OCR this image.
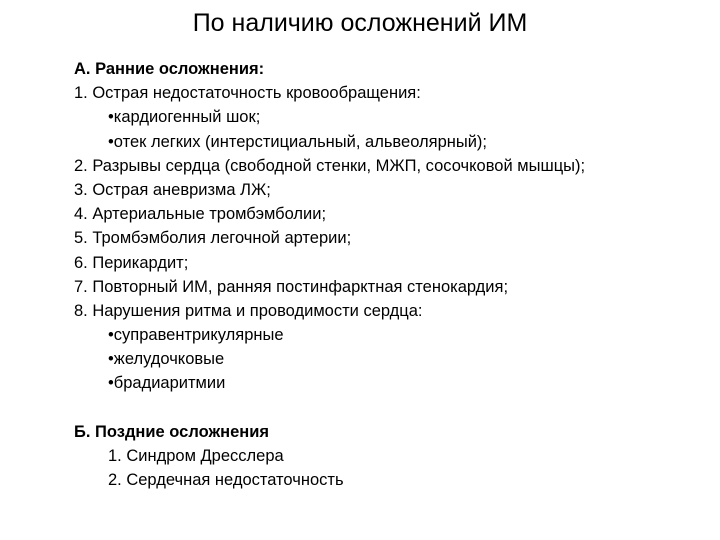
По наличию осложнений ИМ
А. Ранние осложнения:
1. Острая недостаточность кровообращения:
•кардиогенный шок;
•отек легких (интерстициальный, альвеолярный);
2. Разрывы сердца (свободной стенки, МЖП, сосочковой мышцы);
3. Острая аневризма ЛЖ;
4. Артериальные тромбэмболии;
5. Тромбэмболия легочной артерии;
6. Перикардит;
7. Повторный ИМ, ранняя постинфарктная стенокардия;
8. Нарушения ритма и проводимости сердца:
•суправентрикулярные
•желудочковые
•брадиаритмии
Б. Поздние осложнения
1. Синдром Дресслера
2. Сердечная недостаточность
